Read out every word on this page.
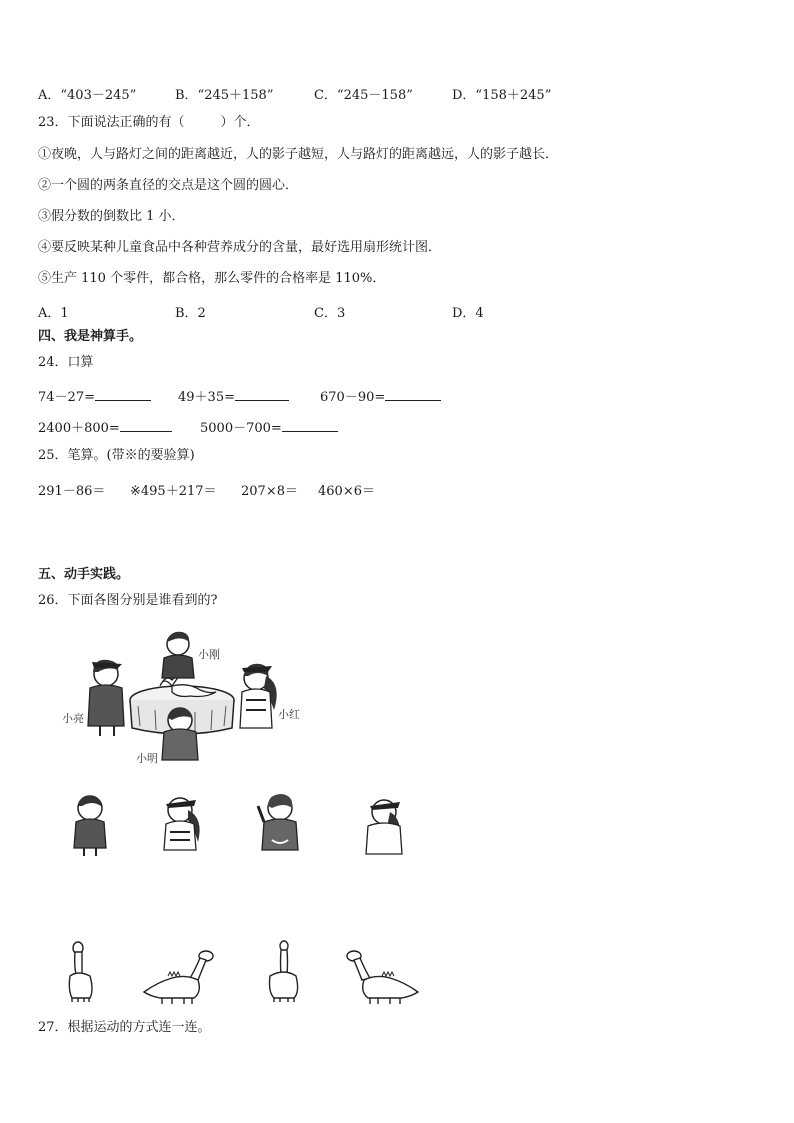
A．“403－245”	B．“245＋158”	C．“245－158”	D．“158＋245”
23．下面说法正确的有（	）个．
①夜晚，人与路灯之间的距离越近，人的影子越短，人与路灯的距离越远，人的影子越长．
②一个圆的两条直径的交点是这个圆的圆心．
③假分数的倒数比 1 小．
④要反映某种儿童食品中各种营养成分的含量，最好选用扇形统计图．
⑤生产 110 个零件，都合格，那么零件的合格率是 110%．
A．1	B．2	C．3	D．4
四、我是神算手。
24．口算
74－27=	49＋35=	670－90=
2400＋800=	5000－700=
25．笔算。(带※的要验算)
291－86＝ ※495＋217＝ 207×8＝ 460×6＝
五、动手实践。
26．下面各图分别是谁看到的?
小刚
小亮	小红
小明
27．根据运动的方式连一连。
